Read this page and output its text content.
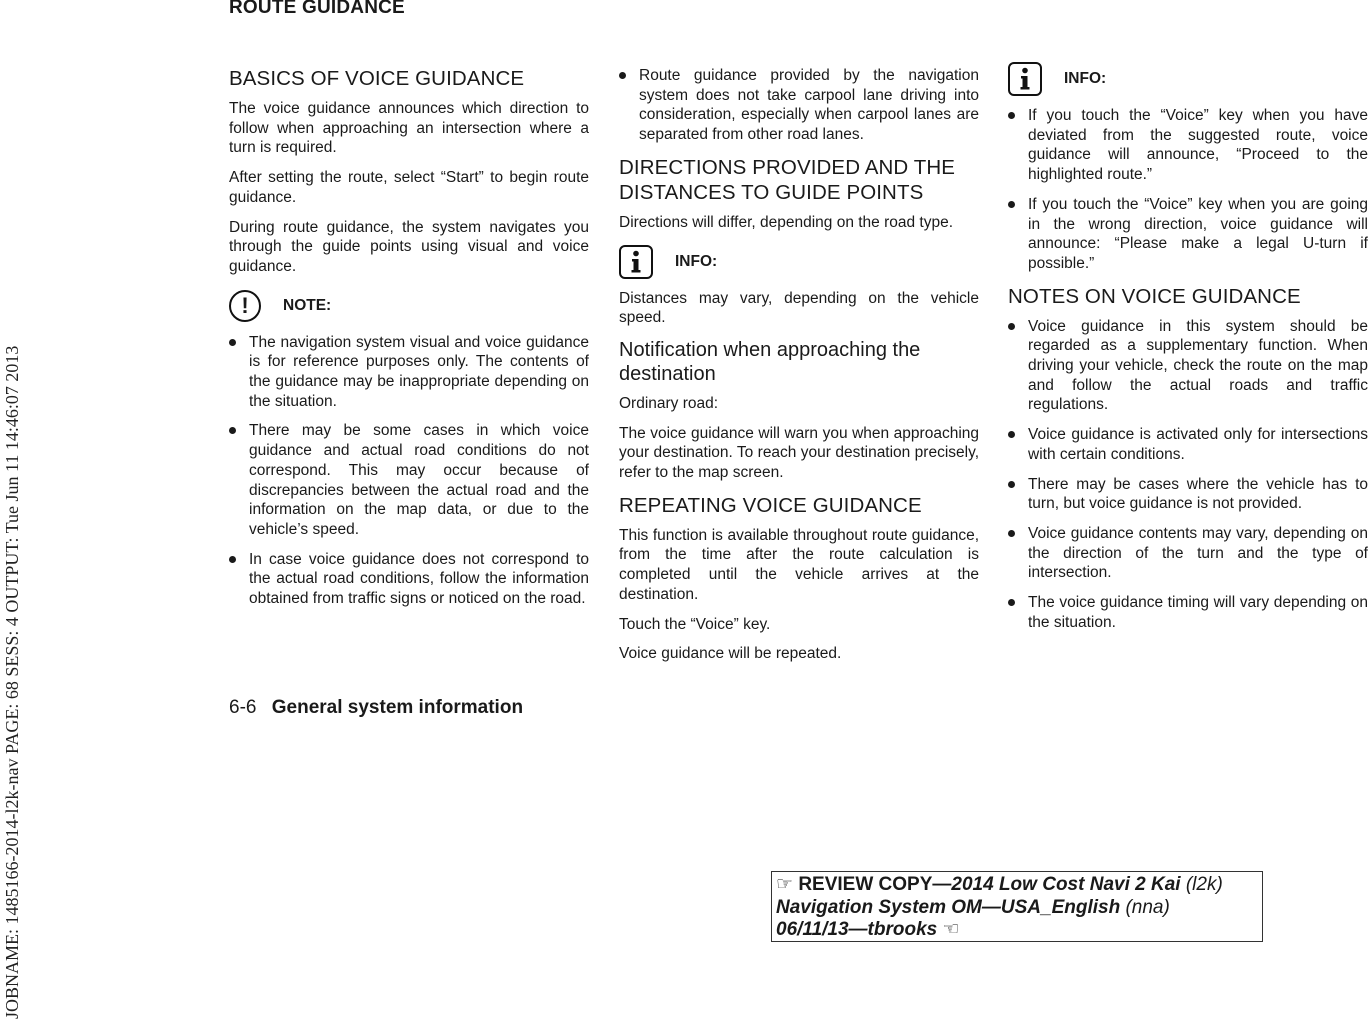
JOBNAME: 1485166-2014-l2k-nav PAGE: 68 SESS: 4 OUTPUT: Tue Jun 11 14:46:07 2013
ROUTE GUIDANCE
BASICS OF VOICE GUIDANCE

The voice guidance announces which direction to follow when approaching an intersection where a turn is required.

After setting the route, select “Start” to begin route guidance.

During route guidance, the system navigates you through the guide points using visual and voice guidance.

!	NOTE:
The navigation system visual and voice guidance is for reference purposes only. The contents of the guidance may be inappropriate depending on the situation.
There may be some cases in which voice guidance and actual road conditions do not correspond. This may occur because of discrepancies between the actual road and the information on the map data, or due to the vehicle’s speed.
In case voice guidance does not correspond to the actual road conditions, follow the information obtained from traffic signs or noticed on the road.
Route guidance provided by the navigation system does not take carpool lane driving into consideration, especially when carpool lanes are separated from other road lanes.
DIRECTIONS PROVIDED AND THE DISTANCES TO GUIDE POINTS

Directions will differ, depending on the road type.

INFO:

Distances may vary, depending on the vehicle speed.

Notification when approaching the destination

Ordinary road:

The voice guidance will warn you when approaching your destination. To reach your destination precisely, refer to the map screen.

REPEATING VOICE GUIDANCE

This function is available throughout route guidance, from the time after the route calculation is completed until the vehicle arrives at the destination.

Touch the “Voice” key.

Voice guidance will be repeated.

INFO:
If you touch the “Voice” key when you have deviated from the suggested route, voice guidance will announce, “Proceed to the highlighted route.”
If you touch the “Voice” key when you are going in the wrong direction, voice guidance will announce: “Please make a legal U-turn if possible.”
NOTES ON VOICE GUIDANCE
Voice guidance in this system should be regarded as a supplementary function. When driving your vehicle, check the route on the map and follow the actual roads and traffic regulations.
Voice guidance is activated only for intersections with certain conditions.
There may be cases where the vehicle has to turn, but voice guidance is not provided.
Voice guidance contents may vary, depending on the direction of the turn and the type of intersection.
The voice guidance timing will vary depending on the situation.
6-6 General system information
☞ REVIEW COPY—2014 Low Cost Navi 2 Kai (l2k)
Navigation System OM—USA_English (nna)
06/11/13—tbrooks ☜
